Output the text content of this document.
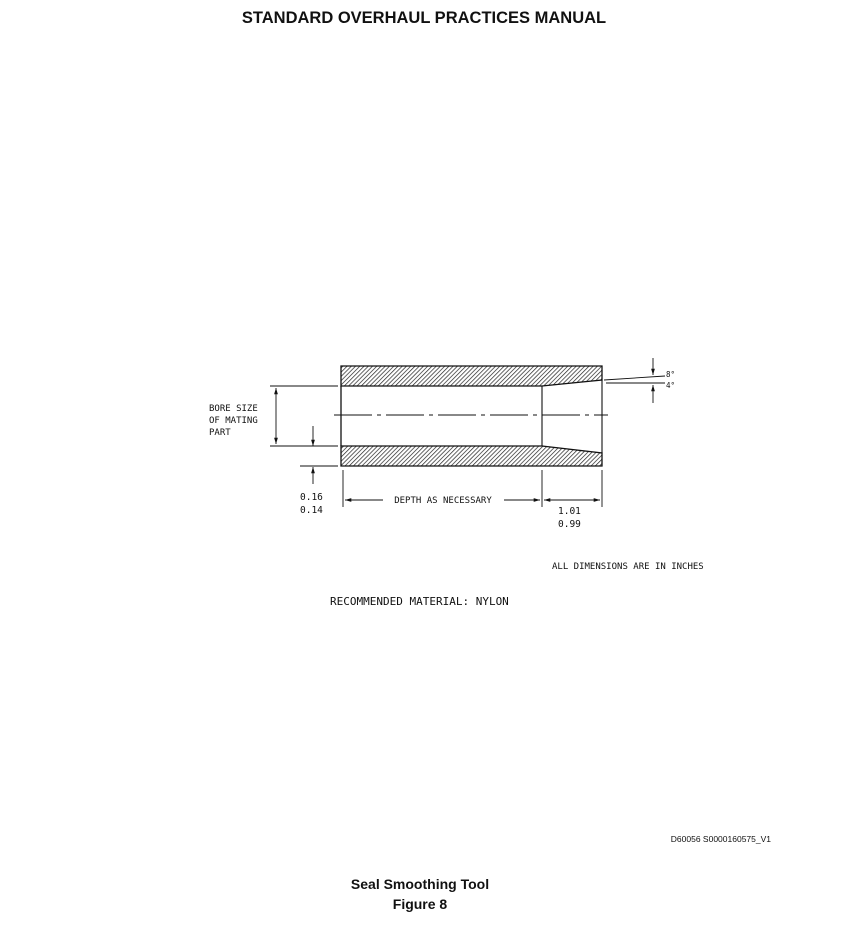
STANDARD OVERHAUL PRACTICES MANUAL
BORE SIZE
OF MATING
PART
0.16
0.14
DEPTH AS NECESSARY
1.01
0.99
8°
4°
ALL DIMENSIONS ARE IN INCHES
RECOMMENDED MATERIAL: NYLON
D60056 S0000160575_V1
Seal Smoothing Tool
Figure 8
